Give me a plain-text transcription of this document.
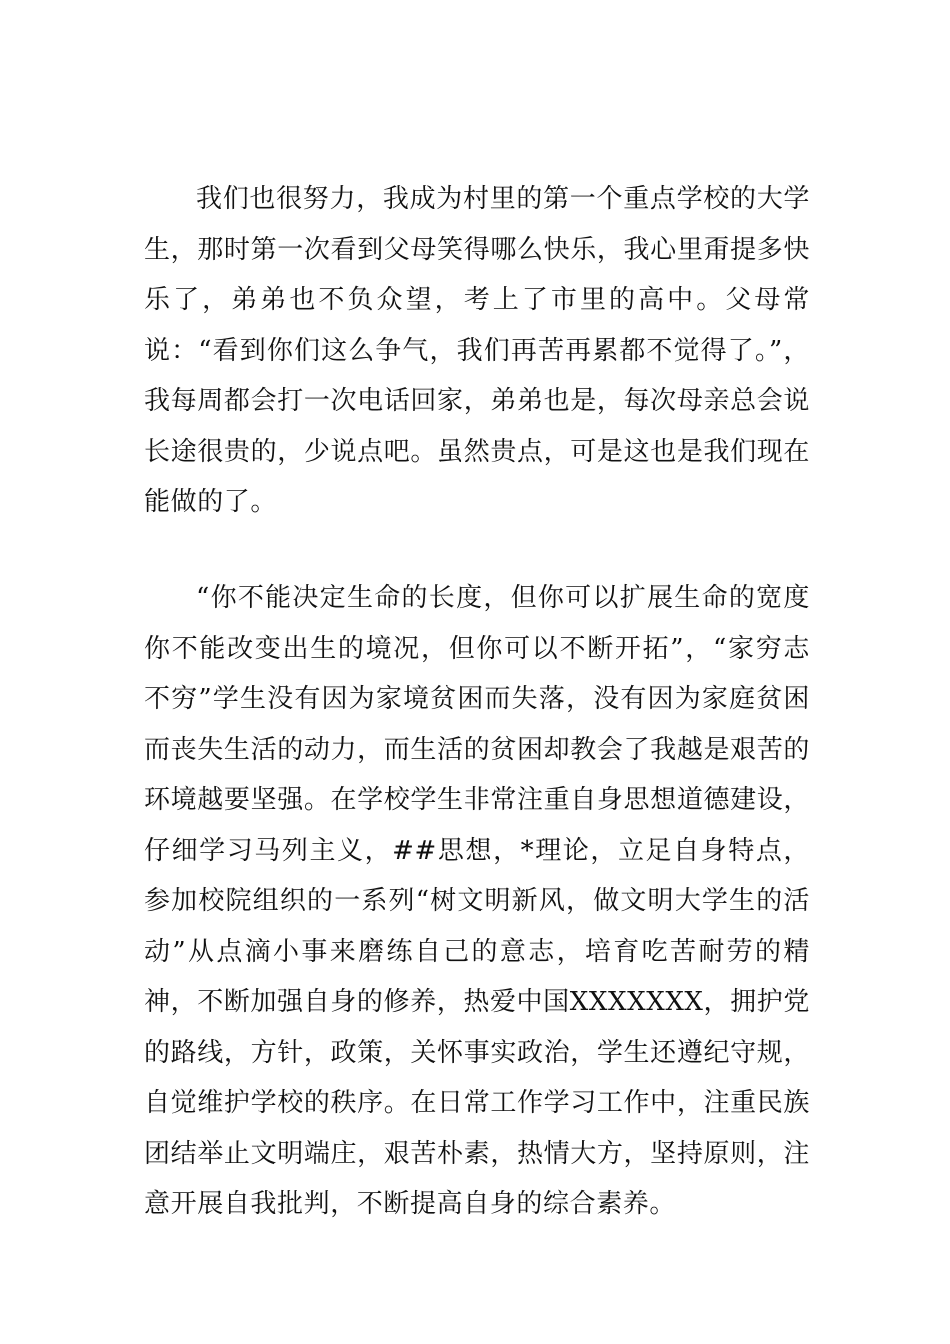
我们也很努力，我成为村里的第一个重点学校的大学生，那时第一次看到父母笑得哪么快乐，我心里甭提多快乐了，弟弟也不负众望，考上了市里的高中。父母常说：“看到你们这么争气，我们再苦再累都不觉得了。”，我每周都会打一次电话回家，弟弟也是，每次母亲总会说长途很贵的，少说点吧。虽然贵点，可是这也是我们现在能做的了。

“你不能决定生命的长度，但你可以扩展生命的宽度你不能改变出生的境况，但你可以不断开拓”，“家穷志不穷”学生没有因为家境贫困而失落，没有因为家庭贫困而丧失生活的动力，而生活的贫困却教会了我越是艰苦的环境越要坚强。在学校学生非常注重自身思想道德建设，仔细学习马列主义，##思想，*理论，立足自身特点，参加校院组织的一系列“树文明新风，做文明大学生的活动”从点滴小事来磨练自己的意志，培育吃苦耐劳的精神，不断加强自身的修养，热爱中国XXXXXXX，拥护党的路线，方针，政策，关怀事实政治，学生还遵纪守规，自觉维护学校的秩序。在日常工作学习工作中，注重民族团结举止文明端庄，艰苦朴素，热情大方，坚持原则，注意开展自我批判，不断提高自身的综合素养。
